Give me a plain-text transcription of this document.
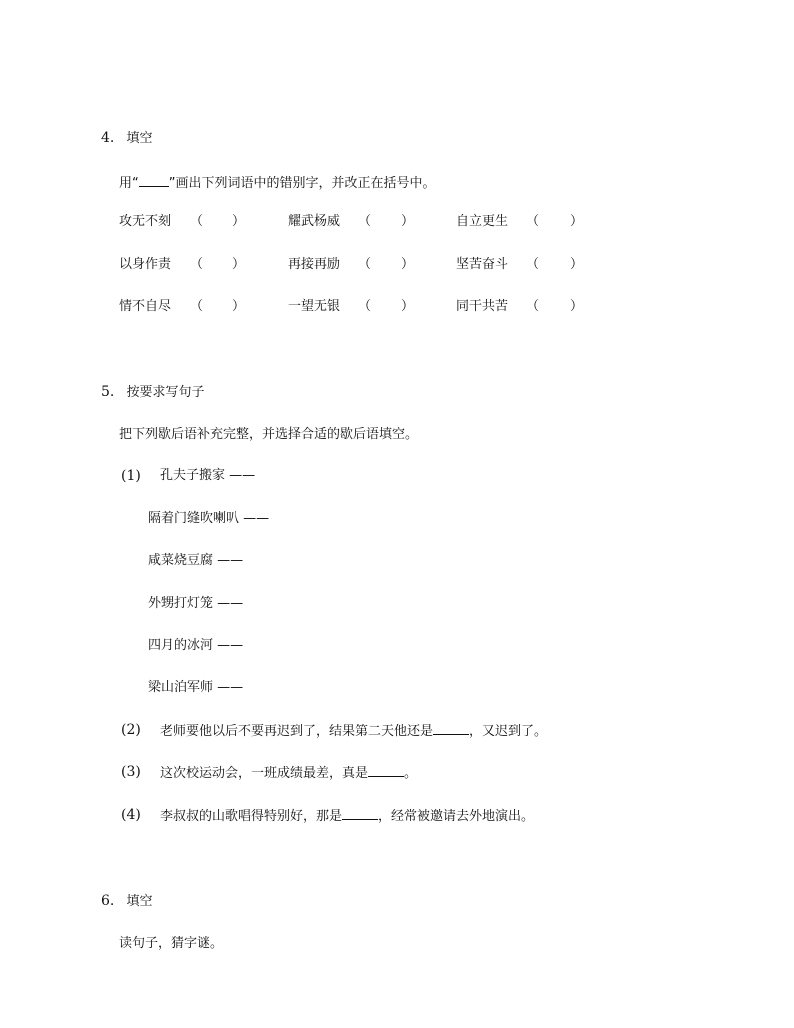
4. 填空
用“ ”画出下列词语中的错别字，并改正在括号中。
攻无不刻 （ ）	耀武杨威 （ ）	自立更生 （ ）
以身作责 （ ）	再接再励 （ ）	坚苦奋斗 （ ）
情不自尽 （ ）	一望无银 （ ）	同干共苦 （ ）
5. 按要求写句子
把下列歇后语补充完整，并选择合适的歇后语填空。
(1) 孔夫子搬家 ——
隔着门缝吹喇叭 ——
咸菜烧豆腐 ——
外甥打灯笼 ——
四月的冰河 ——
梁山泊军师 ——
(2) 老师要他以后不要再迟到了，结果第二天他还是	，又迟到了。
(3) 这次校运动会，一班成绩最差，真是	。
(4) 李叔叔的山歌唱得特别好，那是	，经常被邀请去外地演出。
6. 填空
读句子，猜字谜。
